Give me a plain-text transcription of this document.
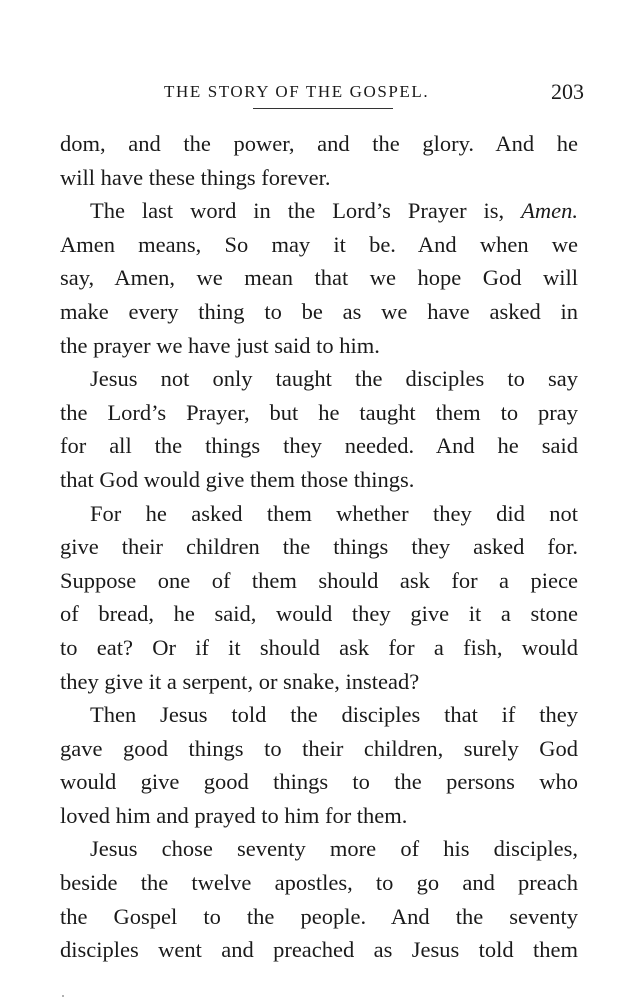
THE STORY OF THE GOSPEL.	203

dom, and the power, and the glory. And he
will have these things forever.

The last word in the Lord’s Prayer is, Amen.
Amen means, So may it be. And when we
say, Amen, we mean that we hope God will
make every thing to be as we have asked in
the prayer we have just said to him.

Jesus not only taught the disciples to say
the Lord’s Prayer, but he taught them to pray
for all the things they needed. And he said
that God would give them those things.

For he asked them whether they did not
give their children the things they asked for.
Suppose one of them should ask for a piece
of bread, he said, would they give it a stone
to eat? Or if it should ask for a fish, would
they give it a serpent, or snake, instead?

Then Jesus told the disciples that if they
gave good things to their children, surely God
would give good things to the persons who
loved him and prayed to him for them.

Jesus chose seventy more of his disciples,
beside the twelve apostles, to go and preach
the Gospel to the people. And the seventy
disciples went and preached as Jesus told them
